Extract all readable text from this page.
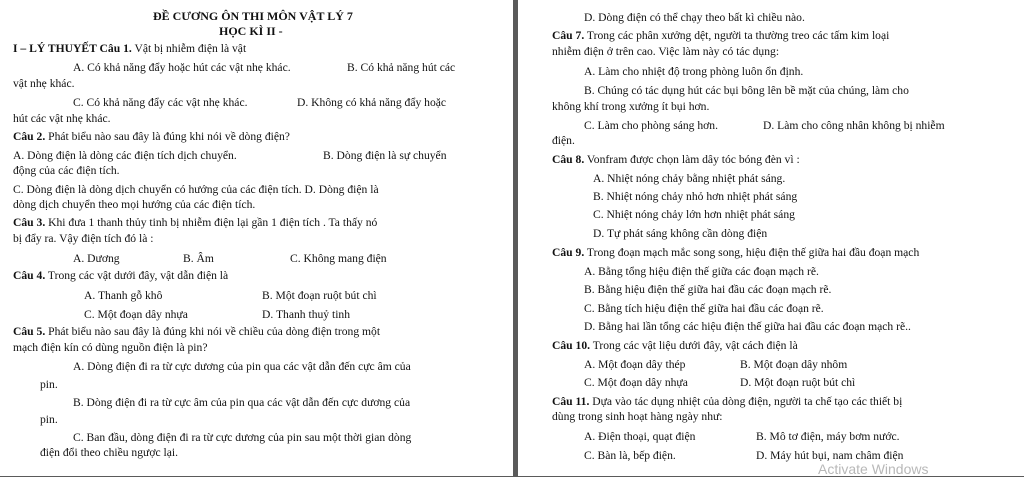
ĐỀ CƯƠNG ÔN THI MÔN VẬT LÝ 7
HỌC KÌ II -
I – LÝ THUYẾT Câu 1. Vật bị nhiễm điện là vật
A. Có khả năng đẩy hoặc hút các vật nhẹ khác.	B. Có khả năng hút các
vật nhẹ khác.
C. Có khả năng đẩy các vật nhẹ khác.	D. Không có khả năng đẩy hoặc
hút các vật nhẹ khác.
Câu 2. Phát biểu nào sau đây là đúng khi nói về dòng điện?
A. Dòng điện là dòng các điện tích dịch chuyển.	B. Dòng điện là sự chuyển
động của các điện tích.
C. Dòng điện là dòng dịch chuyển có hướng của các điện tích. D. Dòng điện là
dòng dịch chuyển theo mọi hướng của các điện tích.
Câu 3. Khi đưa 1 thanh thủy tinh bị nhiễm điện lại gần 1 điện tích . Ta thấy nó
bị đẩy ra. Vậy điện tích đó là :
A. Dương	B. Âm	C. Không mang điện
Câu 4. Trong các vật dưới đây, vật dẫn điện là
A. Thanh gỗ khô	B. Một đoạn ruột bút chì
C. Một đoạn dây nhựa	D. Thanh thuỷ tinh
Câu 5. Phát biểu nào sau đây là đúng khi nói về chiều của dòng điện trong một
mạch điện kín có dùng nguồn điện là pin?
A. Dòng điện đi ra từ cực dương của pin qua các vật dẫn đến cực âm của
pin.
B. Dòng điện đi ra từ cực âm của pin qua các vật dẫn đến cực dương của
pin.
C. Ban đầu, dòng điện đi ra từ cực dương của pin sau một thời gian dòng
điện đổi theo chiều ngược lại.
D. Dòng điện có thể chạy theo bất kì chiều nào.
Câu 7. Trong các phân xưởng dệt, người ta thường treo các tấm kim loại
nhiễm điện ở trên cao. Việc làm này có tác dụng:
A. Làm cho nhiệt độ trong phòng luôn ổn định.
B. Chúng có tác dụng hút các bụi bông lên bề mặt của chúng, làm cho
không khí trong xưởng ít bụi hơn.
C. Làm cho phòng sáng hơn.	D. Làm cho công nhân không bị nhiễm
điện.
Câu 8. Vonfram được chọn làm dây tóc bóng đèn vì :
A. Nhiệt nóng chảy bằng nhiệt phát sáng.
B. Nhiệt nóng chảy nhỏ hơn nhiệt phát sáng
C. Nhiệt nóng chảy lớn hơn nhiệt phát sáng
D. Tự phát sáng không cần dòng điện
Câu 9. Trong đoạn mạch mắc song song, hiệu điện thế giữa hai đầu đoạn mạch
A. Bằng tổng hiệu điện thế giữa các đoạn mạch rẽ.
B. Bằng hiệu điện thế giữa hai đầu các đoạn mạch rẽ.
C. Bằng tích hiệu điện thế giữa hai đầu các đoạn rẽ.
D. Bằng hai lần tổng các hiệu điện thế giữa hai đầu các đoạn mạch rẽ..
Câu 10. Trong các vật liệu dưới đây, vật cách điện là
A. Một đoạn dây thép	B. Một đoạn dây nhôm
C. Một đoạn dây nhựa	D. Một đoạn ruột bút chì
Câu 11. Dựa vào tác dụng nhiệt của dòng điện, người ta chế tạo các thiết bị
dùng trong sinh hoạt hàng ngày như:
A. Điện thoại, quạt điện	B. Mô tơ điện, máy bơm nước.
C. Bàn là, bếp điện.	D. Máy hút bụi, nam châm điện
Activate Windows
